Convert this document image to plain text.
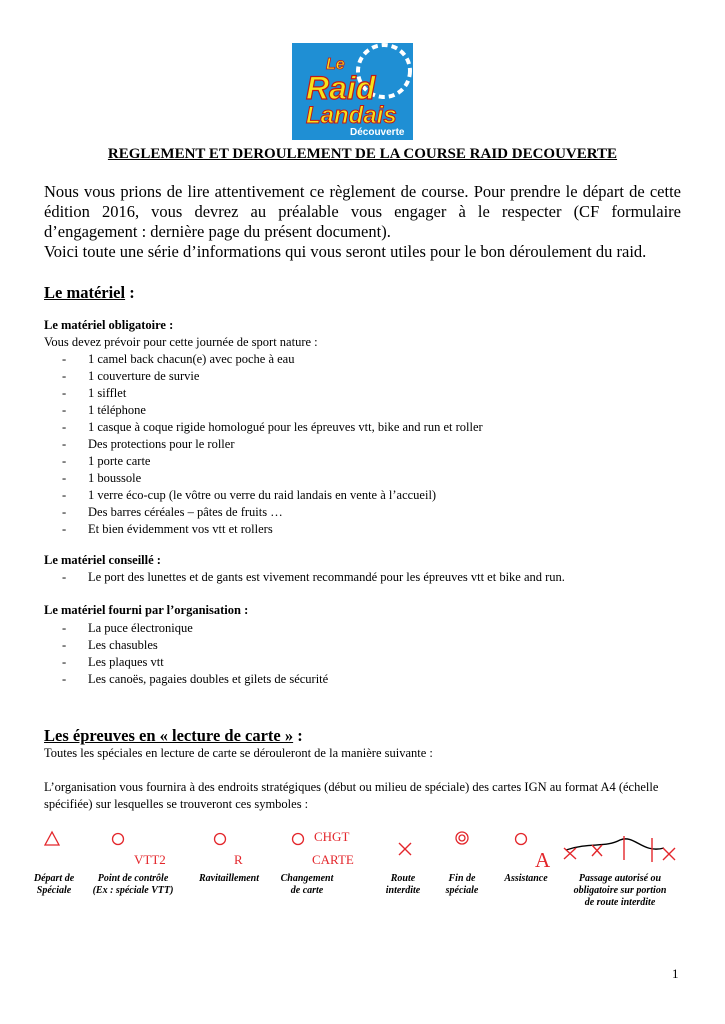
Le
Raid
Landais
Découverte
REGLEMENT ET DEROULEMENT DE LA COURSE RAID DECOUVERTE

Nous vous prions de lire attentivement ce règlement de course. Pour prendre le départ de cette édition 2016, vous devrez au préalable vous engager à le respecter (CF formulaire d’engagement : dernière page du présent document).

Voici toute une série d’informations qui vous seront utiles pour le bon déroulement du raid.

Le matériel :
Le matériel obligatoire :

Vous devez prévoir pour cette journée de sport nature :

- 1 camel back chacun(e) avec poche à eau
- 1 couverture de survie
- 1 sifflet
- 1 téléphone
- 1 casque à coque rigide homologué pour les épreuves vtt, bike and run et roller
- Des protections pour le roller
- 1 porte carte
- 1 boussole
- 1 verre éco-cup (le vôtre ou verre du raid landais en vente à l’accueil)
- Des barres céréales – pâtes de fruits …
- Et bien évidemment vos vtt et rollers
Le matériel conseillé :
- Le port des lunettes et de gants est vivement recommandé pour les épreuves vtt et bike and run.
Le matériel fourni par l’organisation :
- La puce électronique
- Les chasubles
- Les plaques vtt
- Les canoës, pagaies doubles et gilets de sécurité
Les épreuves en « lecture de carte » :

Toutes les spéciales en lecture de carte se dérouleront de la manière suivante :

L’organisation vous fournira à des endroits stratégiques (début ou milieu de spéciale) des cartes IGN au format A4 (échelle spécifiée) sur lesquelles se trouveront ces symboles :

VTT2	R
CHGT
CARTE	A
Départ de
Spéciale
Point de contrôle
(Ex : spéciale VTT)
Ravitaillement	Changement
de carte
Route
interdite
Fin de
spéciale
Assistance	Passage autorisé ou
obligatoire sur portion
de route interdite

1
